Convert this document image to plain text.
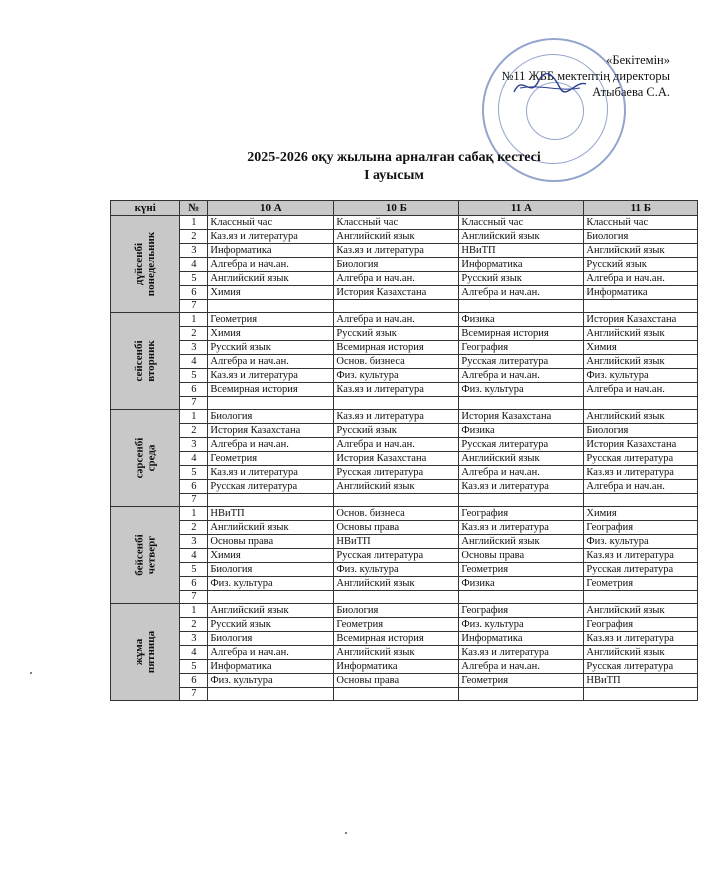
«Бекітемін»
№11 ЖББ мектептің директоры
Атыбаева С.А.
2025-2026 оқу жылына арналған сабақ кестесі
І ауысым
күні	№	10 А	10 Б	11 А	11 Б

дүйсенбі понедельник	1	Классный час	Классный час	Классный час	Классный час
	2	Каз.яз и литература	Английский язык	Английский язык	Биология
	3	Информатика	Каз.яз и литература	НВиТП	Английский язык
	4	Алгебра и нач.ан.	Биология	Информатика	Русский язык
	5	Английский язык	Алгебра и нач.ан.	Русский язык	Алгебра и нач.ан.
	6	Химия	История Казахстана	Алгебра и нач.ан.	Информатика
	7				

сейсенбі вторник	1	Геометрия	Алгебра и нач.ан.	Физика	История Казахстана
	2	Химия	Русский язык	Всемирная история	Английский язык
	3	Русский язык	Всемирная история	География	Химия
	4	Алгебра и нач.ан.	Основ. бизнеса	Русская литература	Английский язык
	5	Каз.яз и литература	Физ. культура	Алгебра и нач.ан.	Физ. культура
	6	Всемирная история	Каз.яз и литература	Физ. культура	Алгебра и нач.ан.
	7				

сәрсенбі среда	1	Биология	Каз.яз и литература	История Казахстана	Английский язык
	2	История Казахстана	Русский язык	Физика	Биология
	3	Алгебра и нач.ан.	Алгебра и нач.ан.	Русская литература	История Казахстана
	4	Геометрия	История Казахстана	Английский язык	Русская литература
	5	Каз.яз и литература	Русская литература	Алгебра и нач.ан.	Каз.яз и литература
	6	Русская литература	Английский язык	Каз.яз и литература	Алгебра и нач.ан.
	7				

бейсенбі четверг	1	НВиТП	Основ. бизнеса	География	Химия
	2	Английский язык	Основы права	Каз.яз и литература	География
	3	Основы права	НВиТП	Английский язык	Физ. культура
	4	Химия	Русская литература	Основы права	Каз.яз и литература
	5	Биология	Физ. культура	Геометрия	Русская литература
	6	Физ. культура	Английский язык	Физика	Геометрия
	7				

жұма пятница	1	Английский язык	Биология	География	Английский язык
	2	Русский язык	Геометрия	Физ. культура	География
	3	Биология	Всемирная история	Информатика	Каз.яз и литература
	4	Алгебра и нач.ан.	Английский язык	Каз.яз и литература	Английский язык
	5	Информатика	Информатика	Алгебра и нач.ан.	Русская литература
	6	Физ. культура	Основы права	Геометрия	НВиТП
	7				
